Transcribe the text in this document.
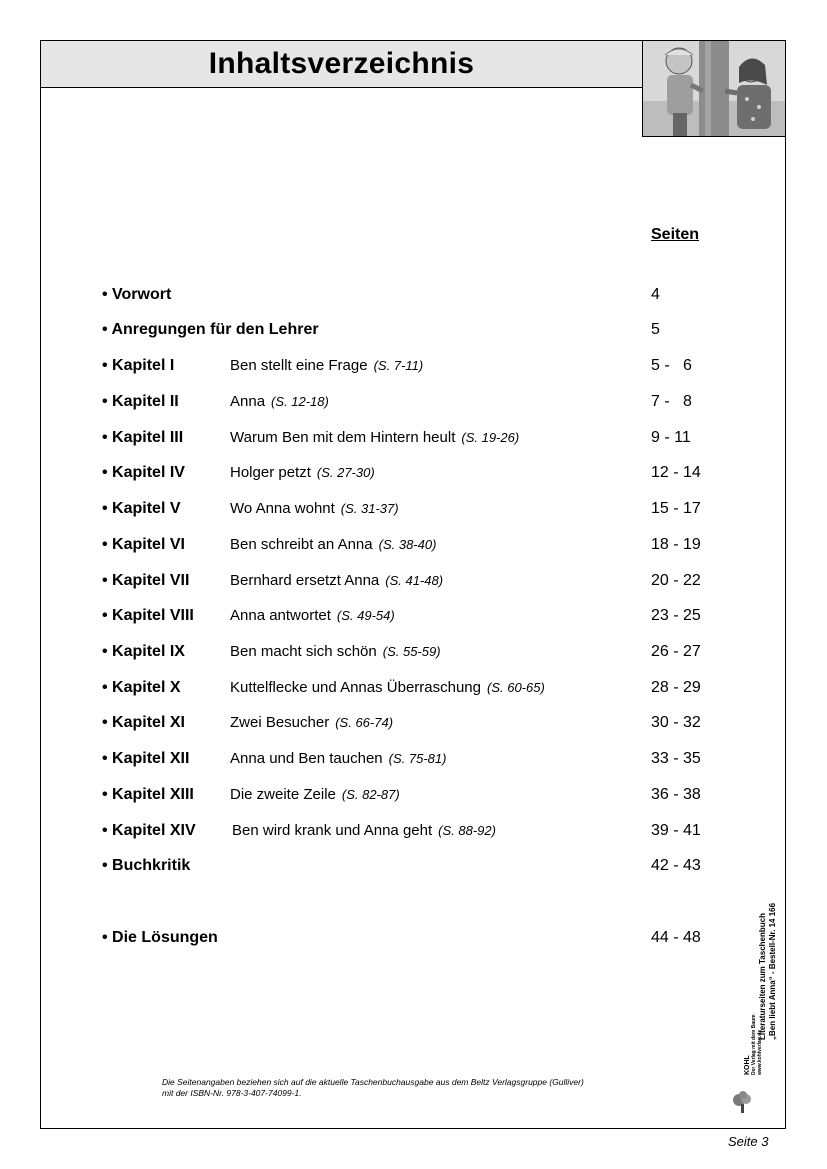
Inhaltsverzeichnis
Seiten
• Vorwort	4
• Anregungen für den Lehrer	5
• Kapitel I	Ben stellt eine Frage (S. 7-11)	5 -   6
• Kapitel II	Anna (S. 12-18)	7 -   8
• Kapitel III	Warum Ben mit dem Hintern heult (S. 19-26)	9 - 11
• Kapitel IV	Holger petzt (S. 27-30)	12 - 14
• Kapitel V	Wo Anna wohnt (S. 31-37)	15 - 17
• Kapitel VI	Ben schreibt an Anna (S. 38-40)	18 - 19
• Kapitel VII	Bernhard ersetzt Anna (S. 41-48)	20 - 22
• Kapitel VIII Anna antwortet (S. 49-54)	23 - 25
• Kapitel IX	Ben macht sich schön (S. 55-59)	26 - 27
• Kapitel X	Kuttelflecke und Annas Überraschung (S. 60-65)	28 - 29
• Kapitel XI	Zwei Besucher (S. 66-74)	30 - 32
• Kapitel XII	Anna und Ben tauchen (S. 75-81)	33 - 35
• Kapitel XIII Die zweite Zeile (S. 82-87)	36 - 38
• Kapitel XIV Ben wird krank und Anna geht (S. 88-92)	39 - 41
• Buchkritik	42 - 43
• Die Lösungen	44 - 48
Die Seitenangaben beziehen sich auf die aktuelle Taschenbuchausgabe aus dem Beltz Verlagsgruppe (Gulliver)
mit der ISBN-Nr. 978-3-407-74099-1.
Literaturseiten zum Taschenbuch „Ben liebt Anna“ - Bestell-Nr. 14 166
KOHL Der Verlag mit dem Baum www.kohlverlag.de
Seite 3
